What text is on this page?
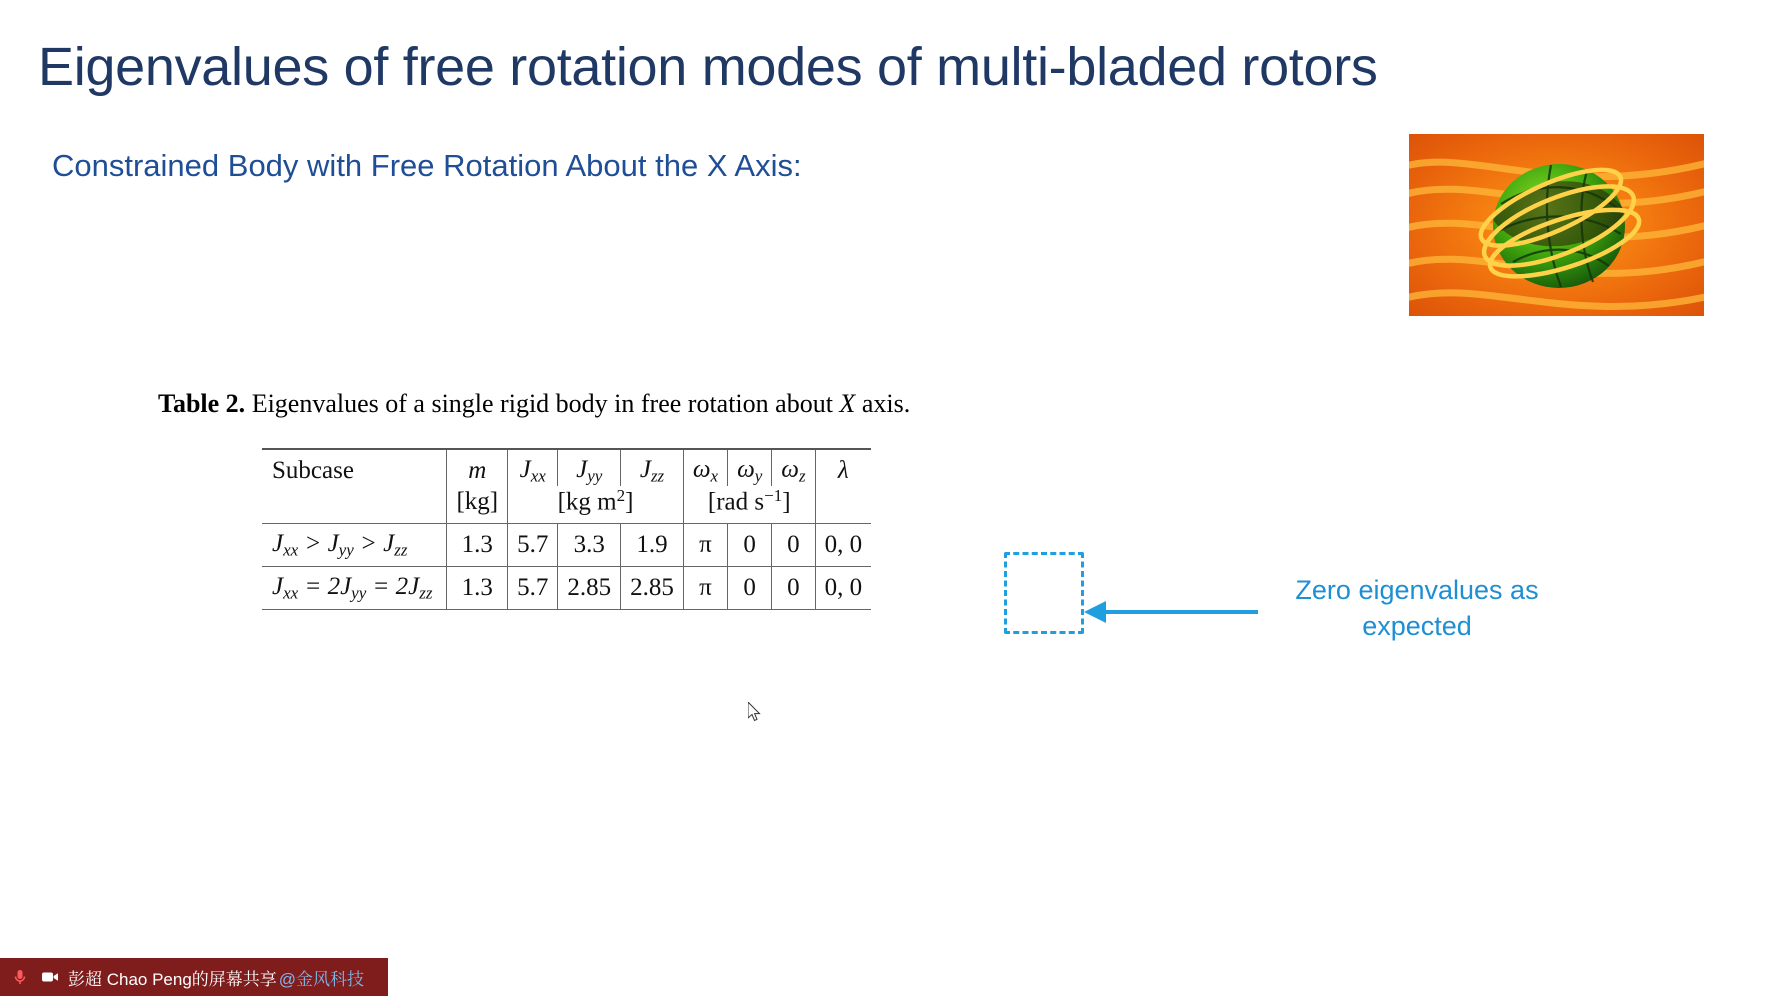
Eigenvalues of free rotation modes of multi-bladed rotors
Constrained Body with Free Rotation About the X Axis:
Table 2. Eigenvalues of a single rigid body in free rotation about X axis.
Subcase	m	$J_{xx}$	$J_{yy}$	$J_{zz}$	$\omega_x$	$\omega_y$	$\omega_z$	λ
	[kg]	[kg $m^2$]			[rad $s^{-1}$]			
$J_{xx} > J_{yy} > J_{zz}$	1.3	5.7	3.3	1.9	π	0	0	0, 0
$J_{xx} = 2J_{yy} = 2J_{zz}$	1.3	5.7	2.85	2.85	π	0	0	0, 0	Zero eigenvalues as
expected
彭超 Chao Peng的屏幕共享 @金风科技
